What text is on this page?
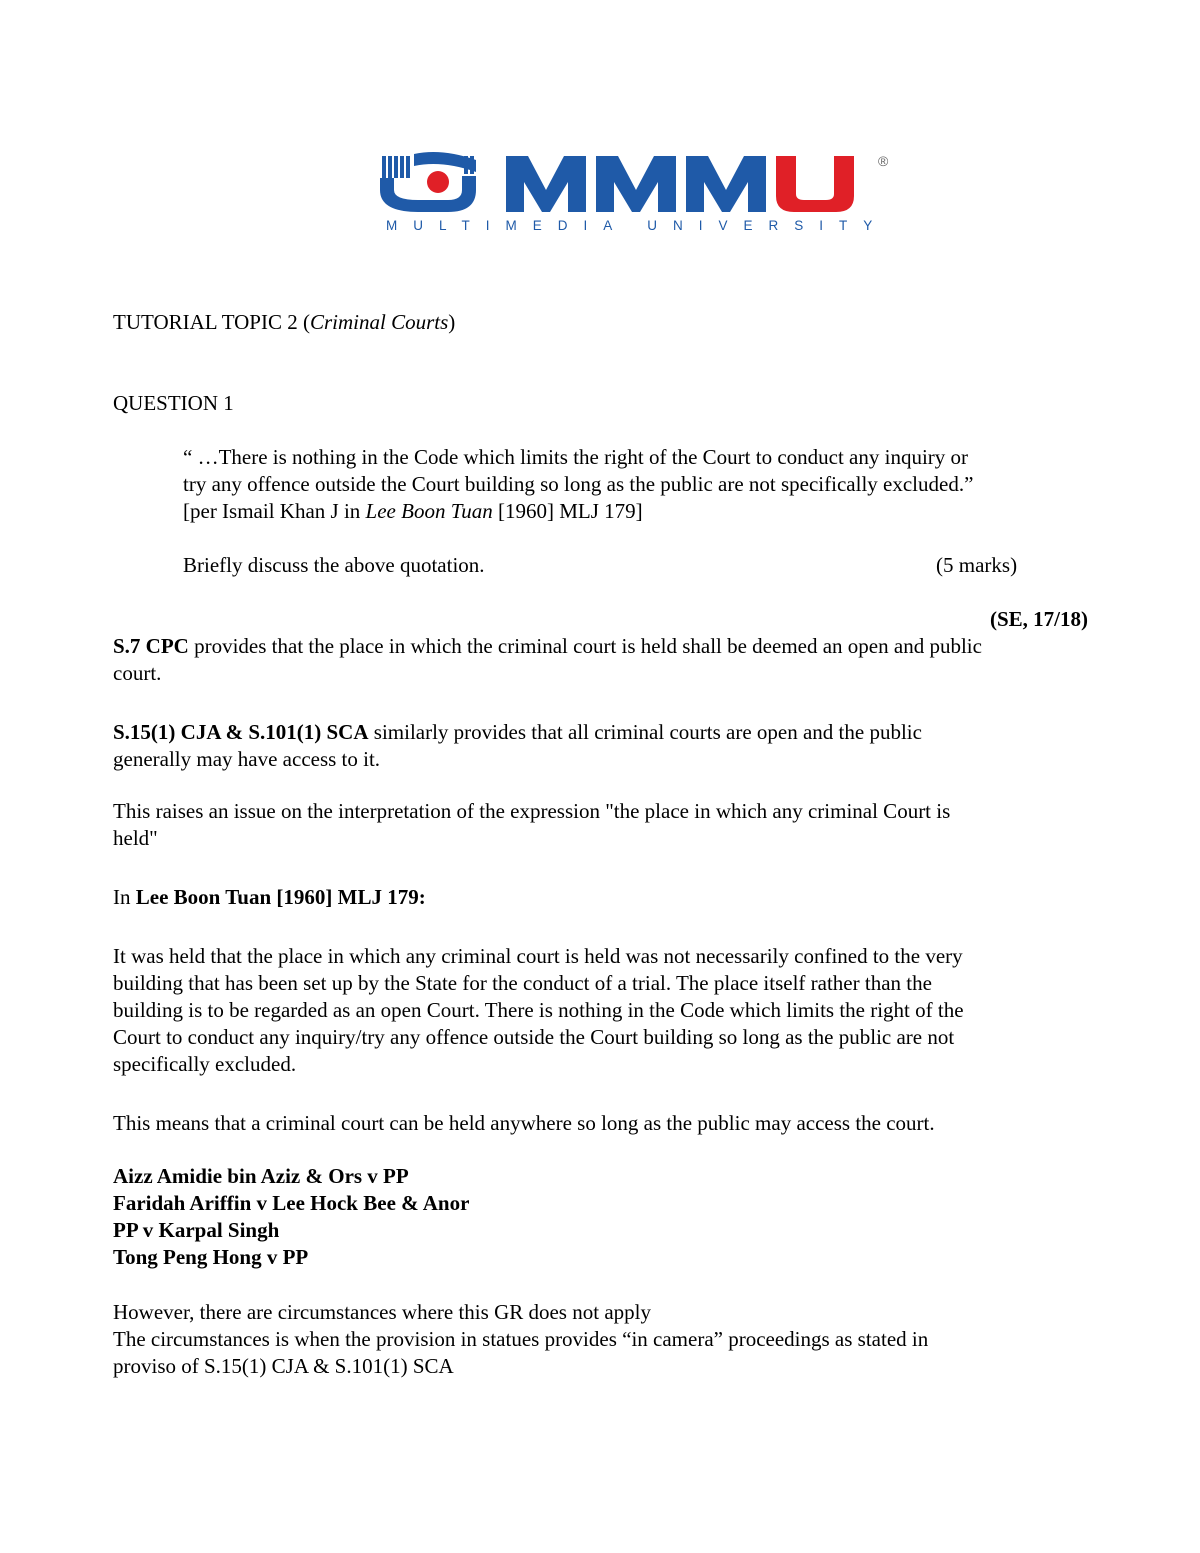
MMU
®
MULTIMEDIA UNIVERSITY

TUTORIAL TOPIC 2 (Criminal Courts)

QUESTION 1

“ …There is nothing in the Code which limits the right of the Court to conduct any inquiry or

try any offence outside the Court building so long as the public are not specifically excluded.”

[per Ismail Khan J in Lee Boon Tuan [1960] MLJ 179]

Briefly discuss the above quotation.	(5 marks)
(SE, 17/18)

S.7 CPC provides that the place in which the criminal court is held shall be deemed an open and public

court.

S.15(1) CJA & S.101(1) SCA similarly provides that all criminal courts are open and the public

generally may have access to it.

This raises an issue on the interpretation of the expression "the place in which any criminal Court is

held"

In Lee Boon Tuan [1960] MLJ 179:

It was held that the place in which any criminal court is held was not necessarily confined to the very

building that has been set up by the State for the conduct of a trial. The place itself rather than the

building is to be regarded as an open Court. There is nothing in the Code which limits the right of the

Court to conduct any inquiry/try any offence outside the Court building so long as the public are not

specifically excluded.

This means that a criminal court can be held anywhere so long as the public may access the court.

Aizz Amidie bin Aziz & Ors v PP

Faridah Ariffin v Lee Hock Bee & Anor

PP v Karpal Singh

Tong Peng Hong v PP

However, there are circumstances where this GR does not apply

The circumstances is when the provision in statues provides “in camera” proceedings as stated in

proviso of S.15(1) CJA & S.101(1) SCA
